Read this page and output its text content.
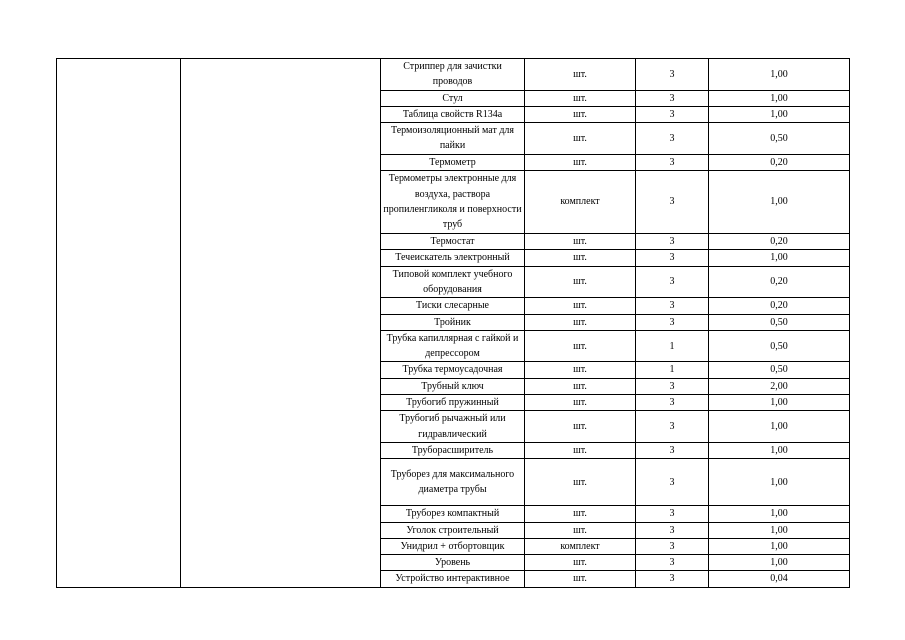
		Стриппер для зачистки проводов	шт.	3	1,00
		Стул	шт.	3	1,00
		Таблица свойств R134a	шт.	3	1,00
		Термоизоляционный мат для пайки	шт.	3	0,50
		Термометр	шт.	3	0,20
		Термометры электронные для воздуха, раствора пропиленгликоля и поверхности труб	комплект	3	1,00
		Термостат	шт.	3	0,20
		Течеискатель электронный	шт.	3	1,00
		Типовой комплект учебного оборудования	шт.	3	0,20
		Тиски слесарные	шт.	3	0,20
		Тройник	шт.	3	0,50
		Трубка капиллярная с гайкой и депрессором	шт.	1	0,50
		Трубка термоусадочная	шт.	1	0,50
		Трубный ключ	шт.	3	2,00
		Трубогиб пружинный	шт.	3	1,00
		Трубогиб рычажный или гидравлический	шт.	3	1,00
		Труборасширитель	шт.	3	1,00
		Труборез для максимального диаметра трубы	шт.	3	1,00
		Труборез компактный	шт.	3	1,00
		Уголок строительный	шт.	3	1,00
		Унидрил + отбортовщик	комплект	3	1,00
		Уровень	шт.	3	1,00
		Устройство интерактивное	шт.	3	0,04
